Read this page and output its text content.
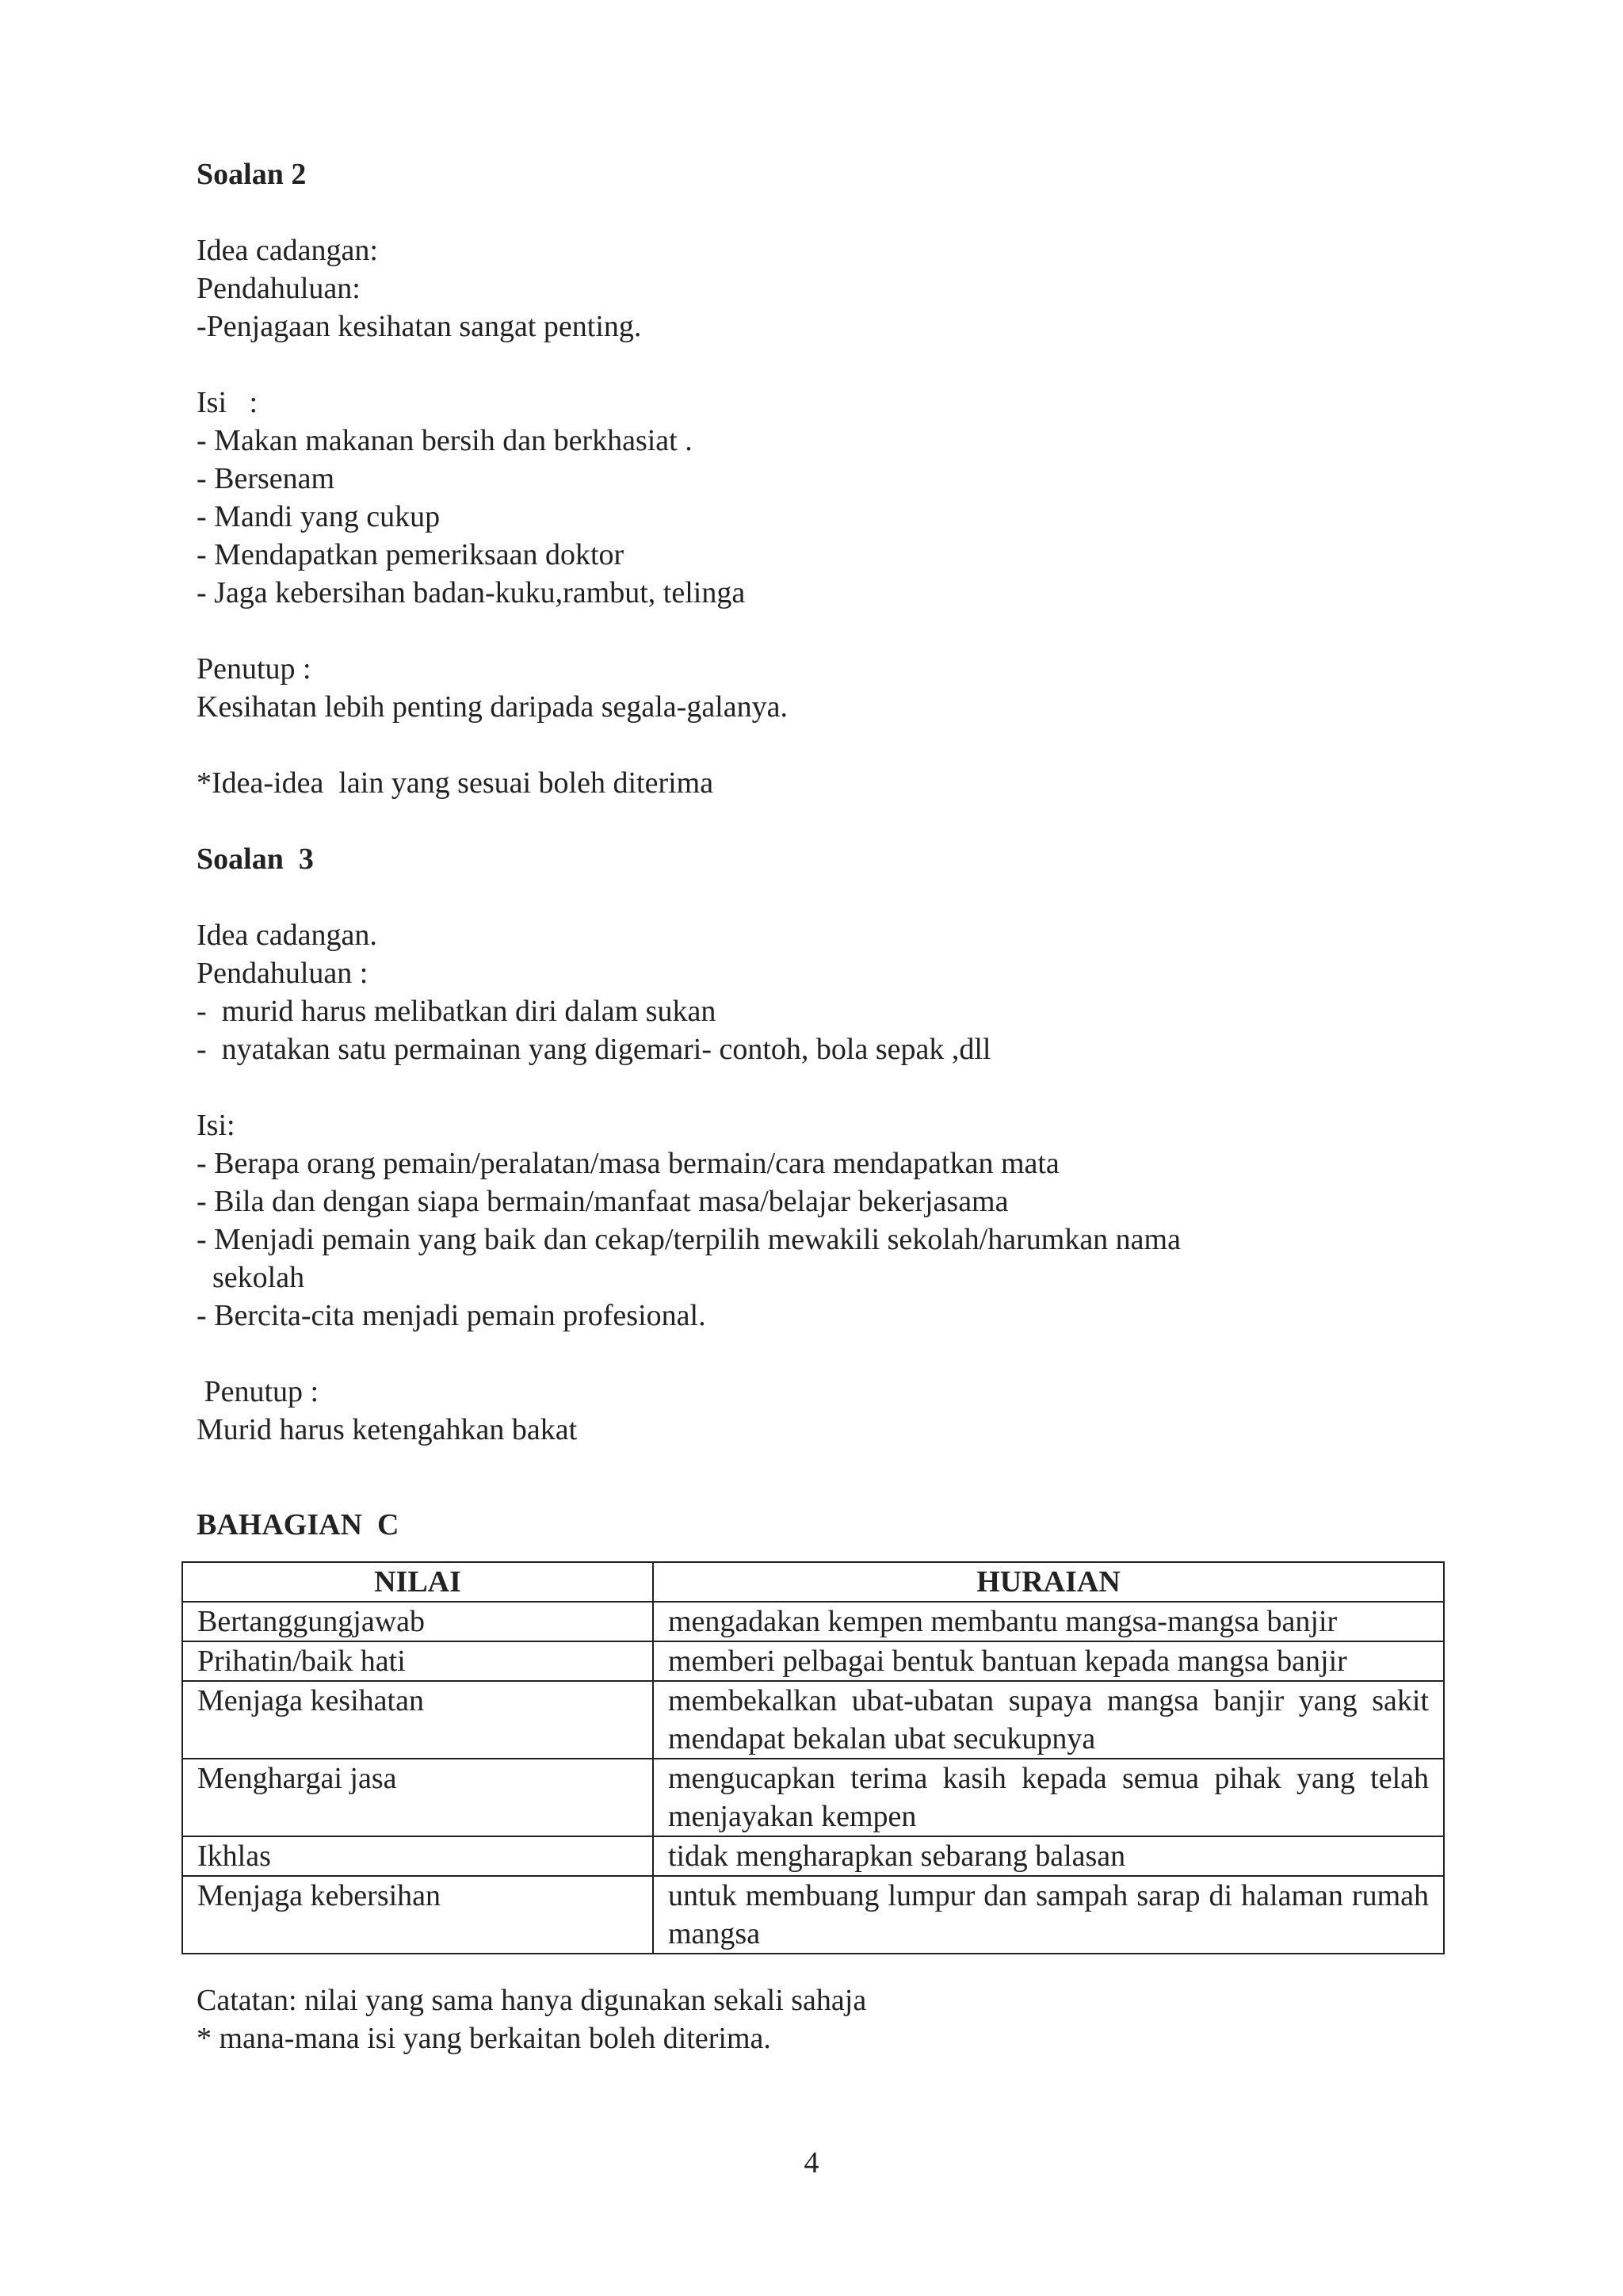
Soalan 2
Idea cadangan:
Pendahuluan:
-Penjagaan kesihatan sangat penting.
Isi   :
- Makan makanan bersih dan berkhasiat .
- Bersenam
- Mandi yang cukup
- Mendapatkan pemeriksaan doktor
- Jaga kebersihan badan-kuku,rambut, telinga
Penutup :
Kesihatan lebih penting daripada segala-galanya.
*Idea-idea  lain yang sesuai boleh diterima
Soalan  3
Idea cadangan.
Pendahuluan :
-  murid harus melibatkan diri dalam sukan
-  nyatakan satu permainan yang digemari- contoh, bola sepak ,dll
Isi:
- Berapa orang pemain/peralatan/masa bermain/cara mendapatkan mata
- Bila dan dengan siapa bermain/manfaat masa/belajar bekerjasama
- Menjadi pemain yang baik dan cekap/terpilih mewakili sekolah/harumkan nama
sekolah
- Bercita-cita menjadi pemain profesional.
Penutup :
Murid harus ketengahkan bakat
BAHAGIAN  C
NILAI	HURAIAN
Bertanggungjawab	mengadakan kempen membantu mangsa-mangsa banjir
Prihatin/baik hati	memberi pelbagai bentuk bantuan kepada mangsa banjir
Menjaga kesihatan	membekalkan ubat-ubatan supaya mangsa banjir yang sakit mendapat bekalan ubat secukupnya
Menghargai jasa	mengucapkan terima kasih kepada semua pihak yang telah menjayakan kempen
Ikhlas	tidak mengharapkan sebarang balasan
Menjaga kebersihan	untuk membuang lumpur dan sampah sarap di halaman rumah mangsa
Catatan: nilai yang sama hanya digunakan sekali sahaja
* mana-mana isi yang berkaitan boleh diterima.
4
